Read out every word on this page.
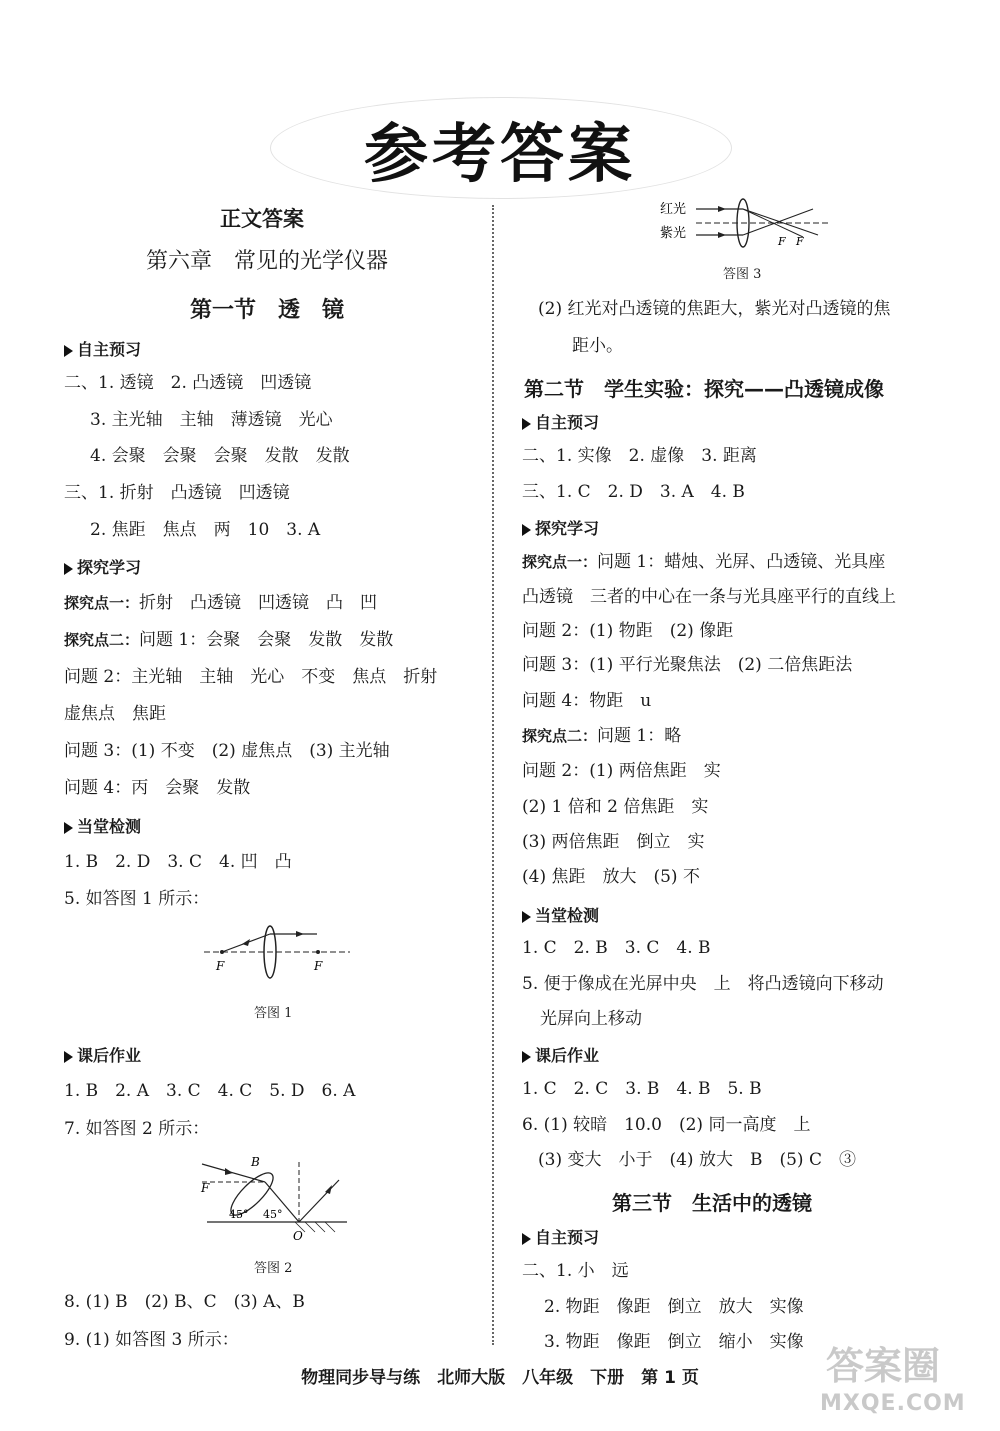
参考答案
正文答案
第六章　常见的光学仪器
第一节　透　镜
自主预习
二、1. 透镜　2. 凸透镜　凹透镜
3. 主光轴　主轴　薄透镜　光心
4. 会聚　会聚　会聚　发散　发散
三、1. 折射　凸透镜　凹透镜
2. 焦距　焦点　两　10　3. A
探究学习
探究点一：折射　凸透镜　凹透镜　凸　凹
探究点二：问题 1：会聚　会聚　发散　发散
问题 2：主光轴　主轴　光心　不变　焦点　折射
虚焦点　焦距
问题 3：(1) 不变　(2) 虚焦点　(3) 主光轴
问题 4：丙　会聚　发散
当堂检测
1. B　2. D　3. C　4. 凹　凸
5. 如答图 1 所示：
F	F
答图 1
课后作业
1. B　2. A　3. C　4. C　5. D　6. A
7. 如答图 2 所示：
B
F
O
45° 45°
答图 2
8. (1) B　(2) B、C　(3) A、B
9. (1) 如答图 3 所示：
红光
紫光
F F
答图 3
(2) 红光对凸透镜的焦距大，紫光对凸透镜的焦
距小。
第二节　学生实验：探究——凸透镜成像
自主预习
二、1. 实像　2. 虚像　3. 距离
三、1. C　2. D　3. A　4. B
探究学习
探究点一：问题 1：蜡烛、光屏、凸透镜、光具座
凸透镜　三者的中心在一条与光具座平行的直线上
问题 2：(1) 物距　(2) 像距
问题 3：(1) 平行光聚焦法　(2) 二倍焦距法
问题 4：物距　u
探究点二：问题 1：略
问题 2：(1) 两倍焦距　实
(2) 1 倍和 2 倍焦距　实
(3) 两倍焦距　倒立　实
(4) 焦距　放大　(5) 不
当堂检测
1. C　2. B　3. C　4. B
5. 便于像成在光屏中央　上　将凸透镜向下移动
光屏向上移动
课后作业
1. C　2. C　3. B　4. B　5. B
6. (1) 较暗　10.0　(2) 同一高度　上
(3) 变大　小于　(4) 放大　B　(5) C　③
第三节　生活中的透镜
自主预习
二、1. 小　远
2. 物距　像距　倒立　放大　实像
3. 物距　像距　倒立　缩小　实像
物理同步导与练　北师大版　八年级　下册　第 1 页	答案圈
MXQE.COM
